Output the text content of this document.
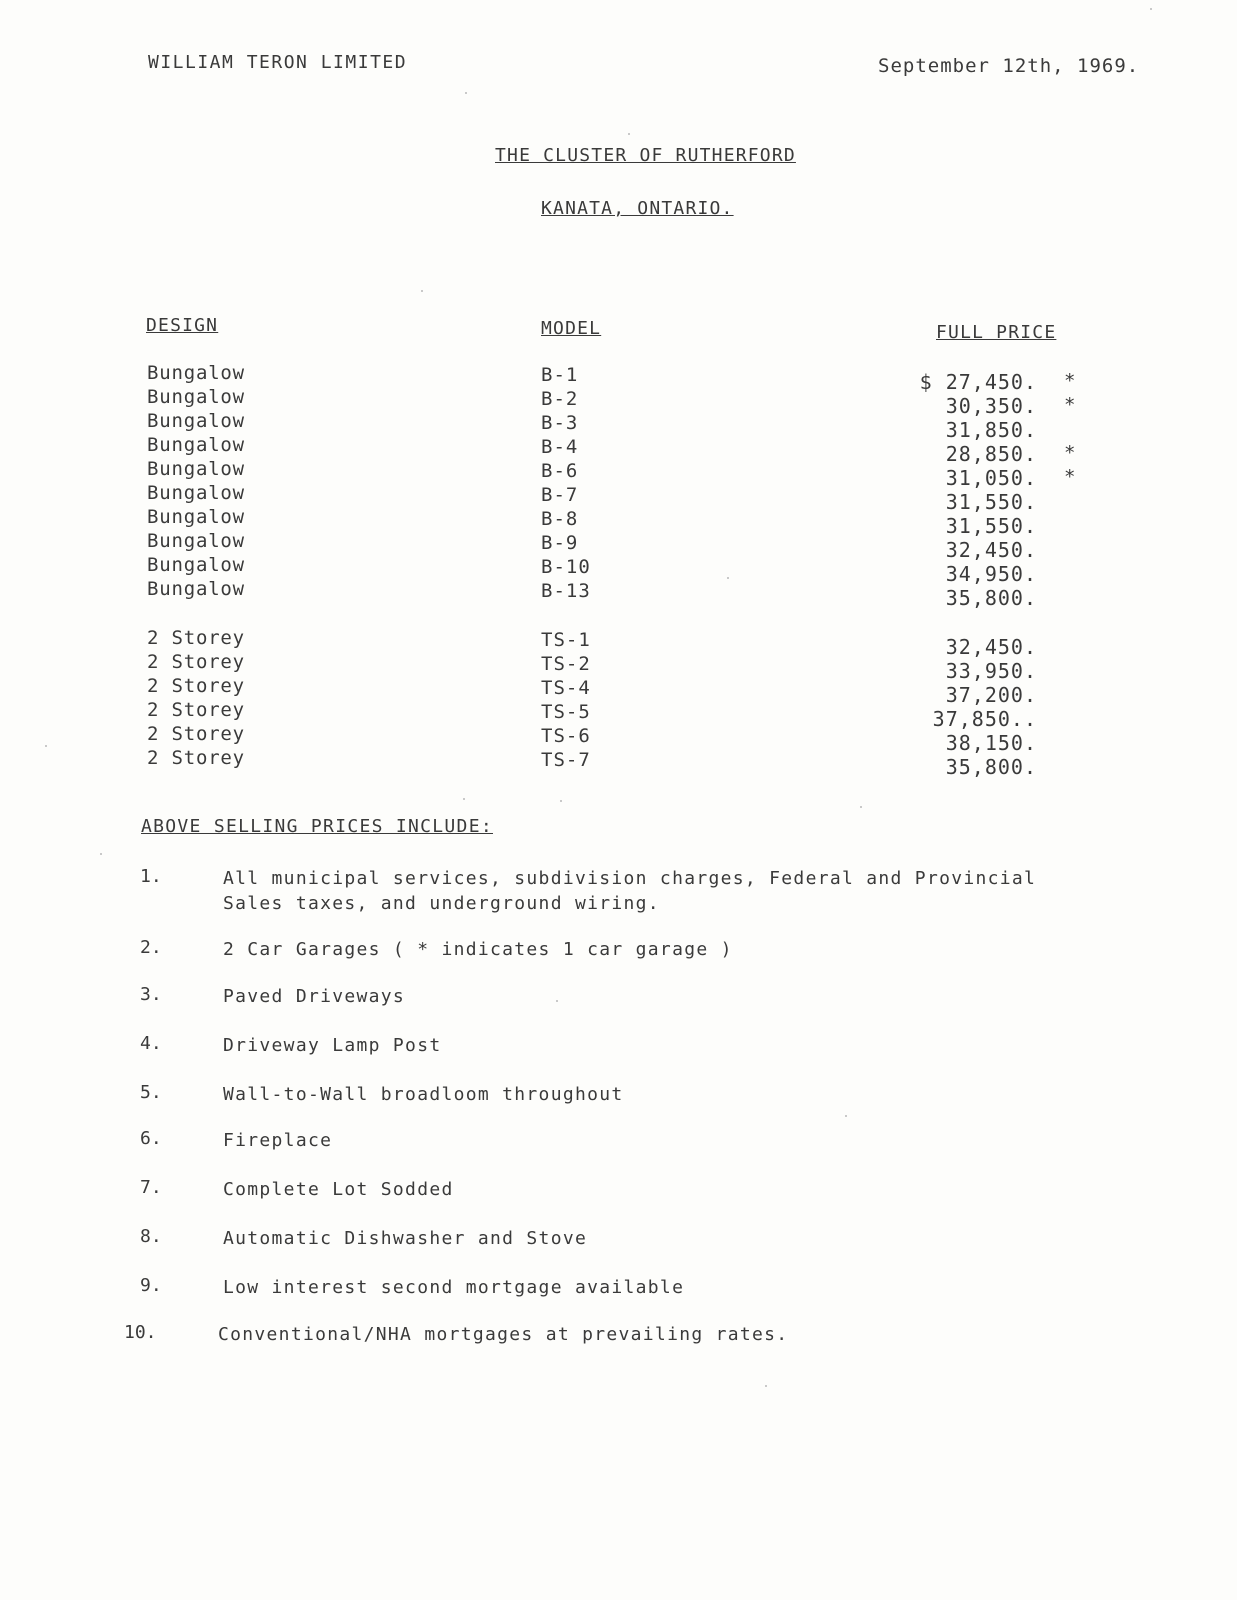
WILLIAM TERON LIMITED	September 12th, 1969.
THE CLUSTER OF RUTHERFORD
KANATA, ONTARIO.
DESIGN	MODEL	FULL PRICE
Bungalow	B-1	$ 27,450. *
Bungalow	B-2	30,350. *
Bungalow	B-3	31,850.
Bungalow	B-4	28,850. *
Bungalow	B-6	31,050. *
Bungalow	B-7	31,550.
Bungalow	B-8	31,550.
Bungalow	B-9	32,450.
Bungalow	B-10	34,950.
Bungalow	B-13	35,800.
2 Storey	TS-1	32,450.
2 Storey	TS-2	33,950.
2 Storey	TS-4	37,200.
2 Storey	TS-5	37,850..
2 Storey	TS-6	38,150.
2 Storey	TS-7	35,800.
ABOVE SELLING PRICES INCLUDE:
1.	All municipal services, subdivision charges, Federal and Provincial
Sales taxes, and underground wiring.
2.	2 Car Garages ( * indicates 1 car garage )
3.	Paved Driveways
4.	Driveway Lamp Post
5.	Wall-to-Wall broadloom throughout
6.	Fireplace
7.	Complete Lot Sodded
8.	Automatic Dishwasher and Stove
9.	Low interest second mortgage available
10.	Conventional/NHA mortgages at prevailing rates.
